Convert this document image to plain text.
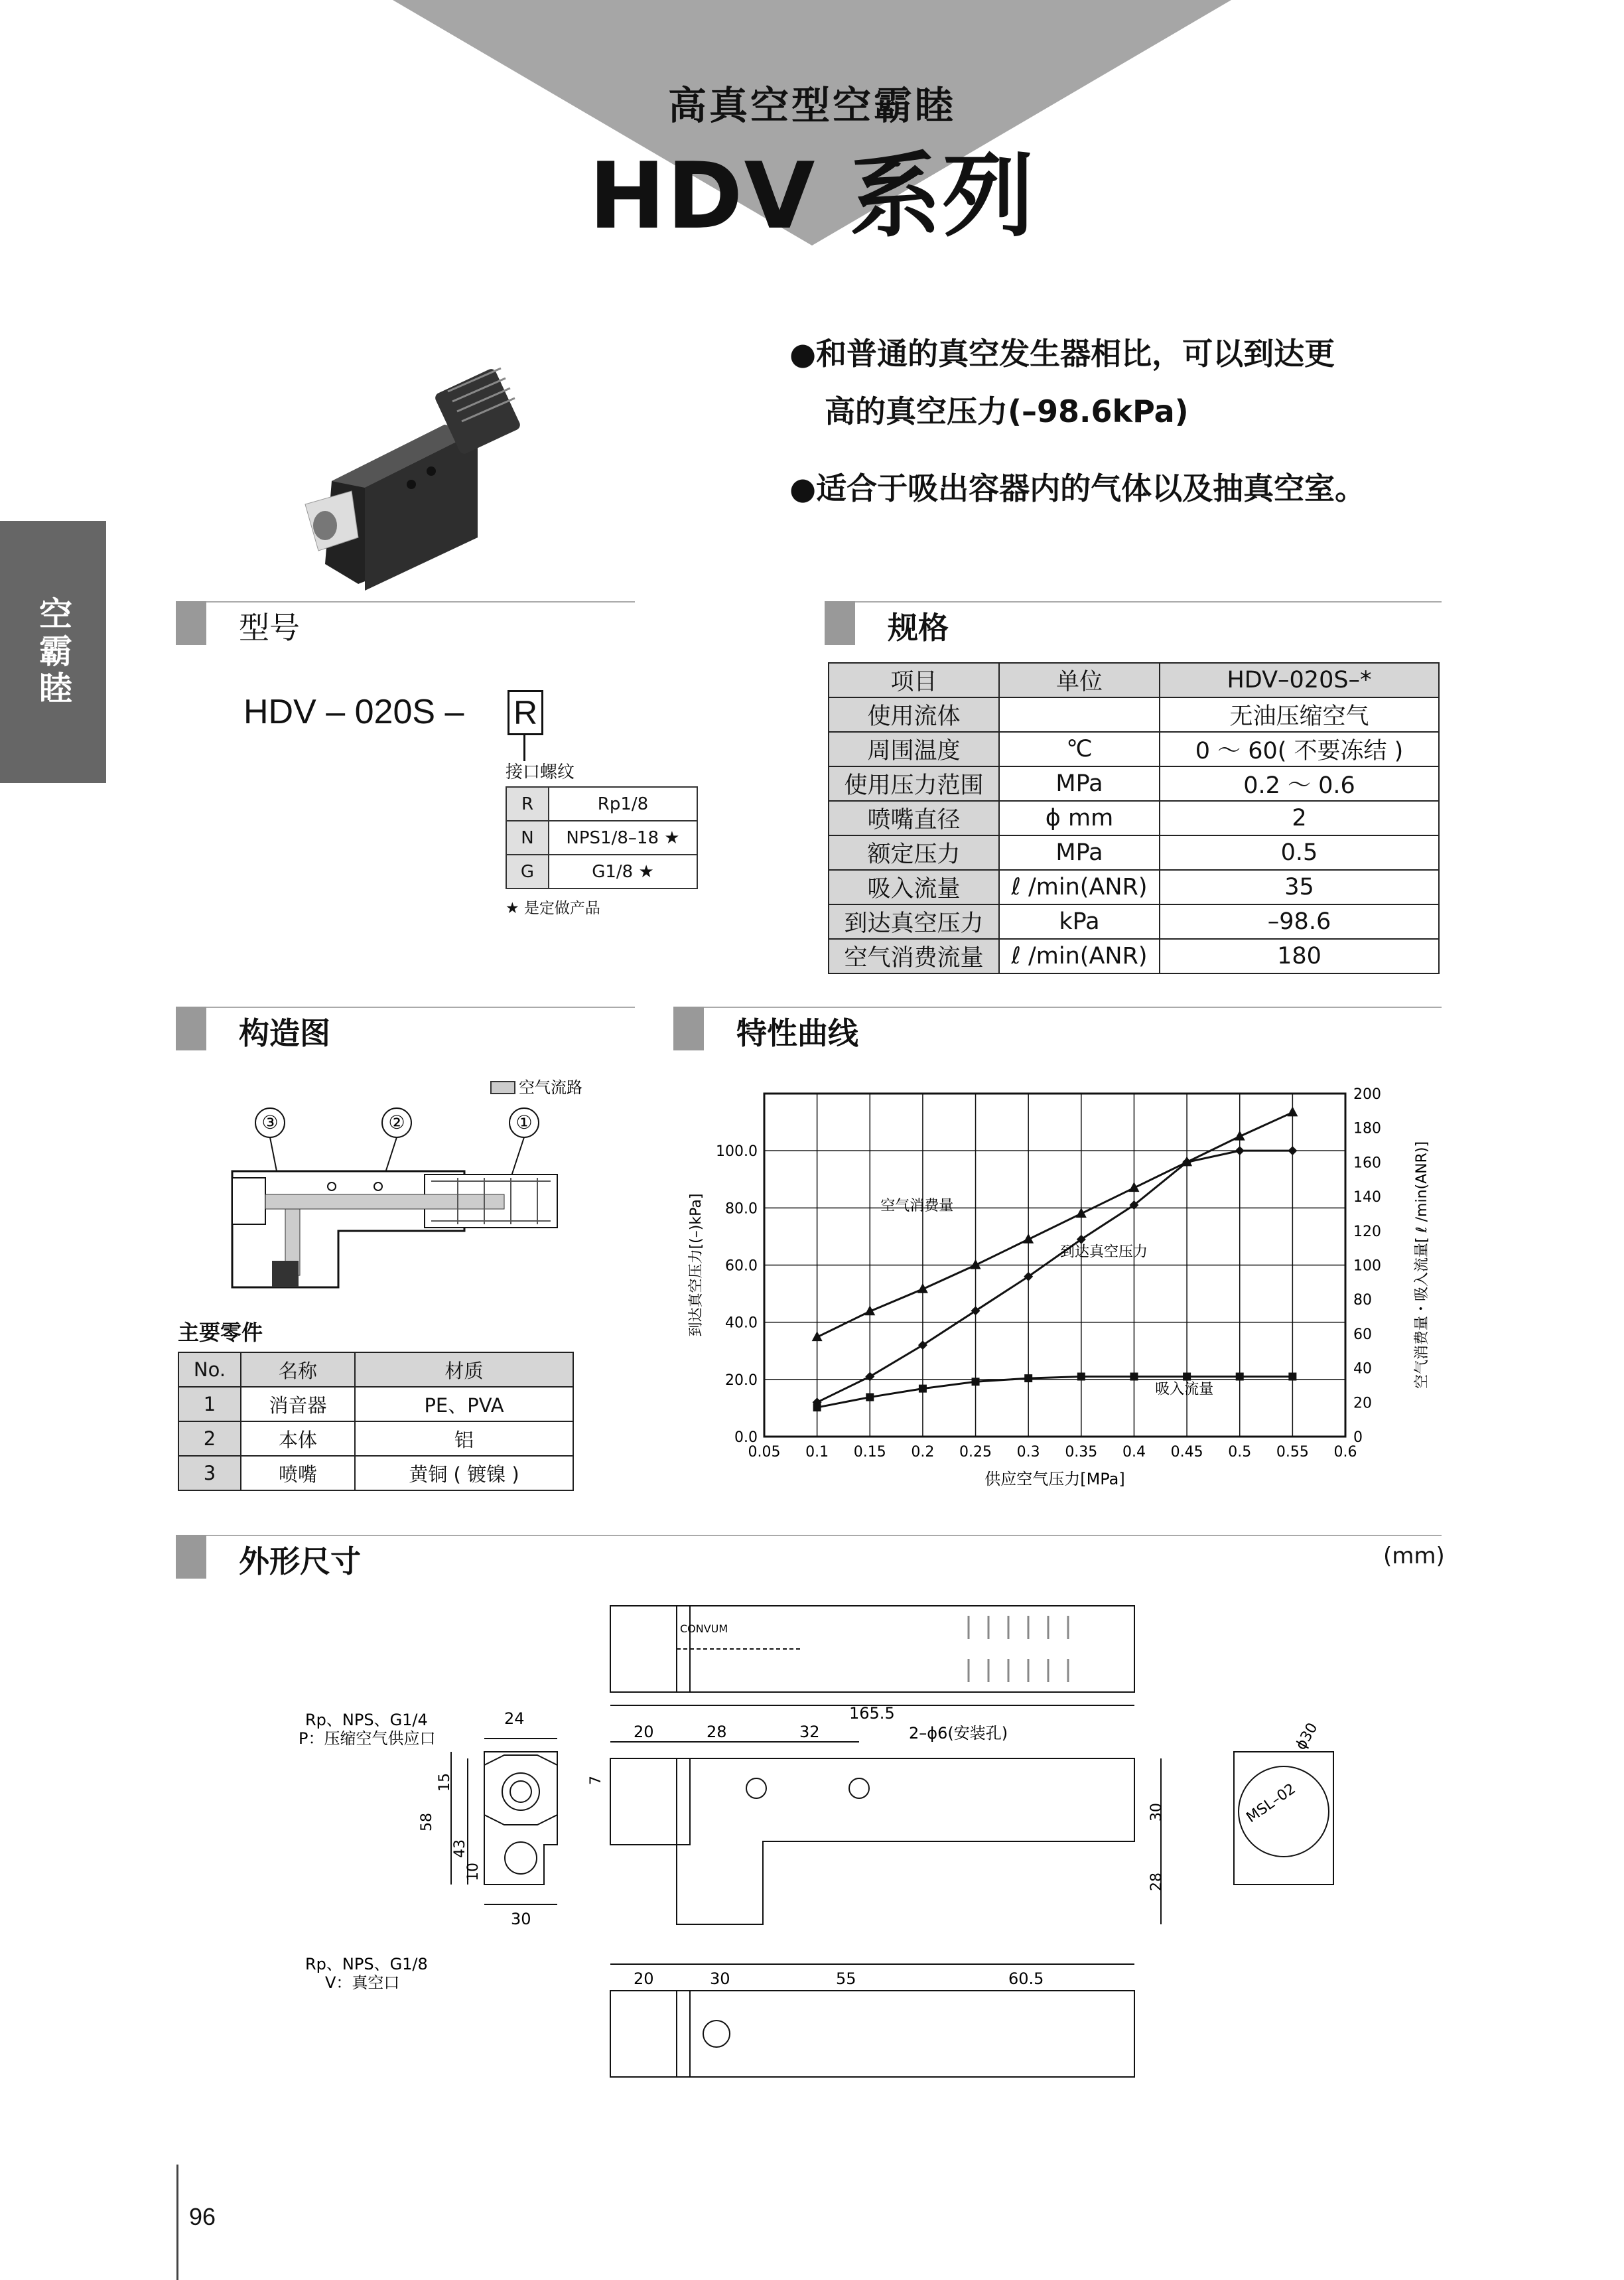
高真空型空霸睦
HDV 系列
●和普通的真空发生器相比，可以到达更
高的真空压力(–98.6kPa)
●适合于吸出容器内的气体以及抽真空室。
空霸睦	型号
HDV – 020S – R
接口螺纹
R	Rp1/8
N	NPS1/8–18 ★
G	G1/8 ★
★ 是定做产品
规格
项目	单位	HDV–020S–*
使用流体		无油压缩空气
周围温度	℃	0 ～ 60( 不要冻结 )
使用压力范围	MPa	0.2 ～ 0.6
喷嘴直径	ϕ mm	2
额定压力	MPa	0.5
吸入流量	ℓ /min(ANR)	35
到达真空压力	kPa	–98.6
空气消费流量	ℓ /min(ANR)	180
构造图
空气流路
③	②	①
主要零件
No.	名称	材质
1	消音器	PE、PVA
2	本体	铝
3	喷嘴	黄铜 ( 镀镍 )
特性曲线
0.05 0.1 0.15 0.2 0.25 0.3 0.35 0.4 0.45 0.5 0.55 0.6
0.0
20.0
40.0
60.0
80.0
100.0
0
20
40
60
80
100
120
140
160
180
200
供应空气压力[MPa]
到达真空压力[(–)kPa]	空气消费量・吸入流量[ ℓ /min(ANR)]
空气消费量
到达真空压力
吸入流量
外形尺寸	(mm)
CONVUM
Rp、NPS、G1/4
P：压缩空气供应口
Rp、NPS、G1/8
V：真空口
2–ϕ6(安装孔)
MSL–02
ϕ30
24
15
58
43
10
30
165.5
20	28	32
7
30
28
20	30	55	60.5
96
